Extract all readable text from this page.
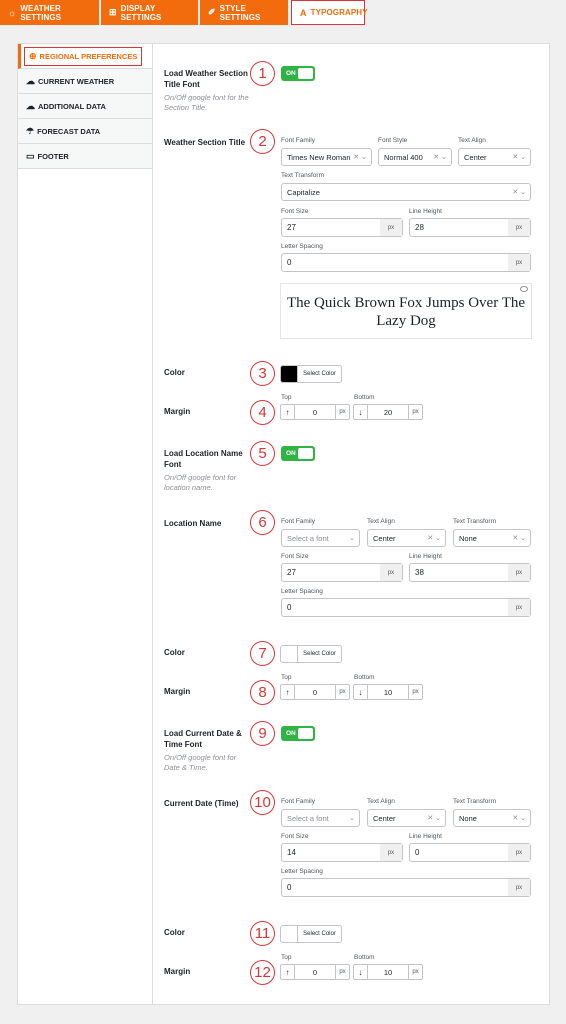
☼ WEATHER SETTINGS	⊞ DISPLAY SETTINGS	✐ STYLE SETTINGS	A TYPOGRAPHY
⊕ REGIONAL PREFERENCES
☁ CURRENT WEATHER
☁ ADDITIONAL DATA
☂ FORECAST DATA
▭ FOOTER
Load Weather Section Title Font
On/Off google font for the Section Title.
1	ON
Weather Section Title 2	Font Family	Font Style	Text Align
Times New Roman ✕ ⌄ Normal 400 ✕ ⌄ Center	✕ ⌄
Text Transform
Capitalize	✕ ⌄
Font Size	Line Height
27	px	28	px
Letter Spacing
0	px
The Quick Brown Fox Jumps Over The Lazy Dog
Color	3	Select Color
Margin	4
Top	Bottom
↑	0	px	↓	20	px
Load Location Name Font
On/Off google font for location name.
5	ON
Location Name	6	Font Family	Text Align	Text Transform
Select a font	⌄ Center	✕ ⌄ None	✕ ⌄
Font Size	Line Height
27	px	38	px
Letter Spacing
0	px
Color	7	Select Color
Margin	8
Top	Bottom
↑	0	px	↓	10	px
Load Current Date & Time Font
On/Off google font for Date & Time.
9	ON
Current Date (Time) 10	Font Family	Text Align	Text Transform
Select a font	⌄ Center	✕ ⌄ None	✕ ⌄
Font Size	Line Height
14	px	0	px
Letter Spacing
0	px
Color	11	Select Color
Margin	12
Top	Bottom
↑	0	px	↓	10	px
